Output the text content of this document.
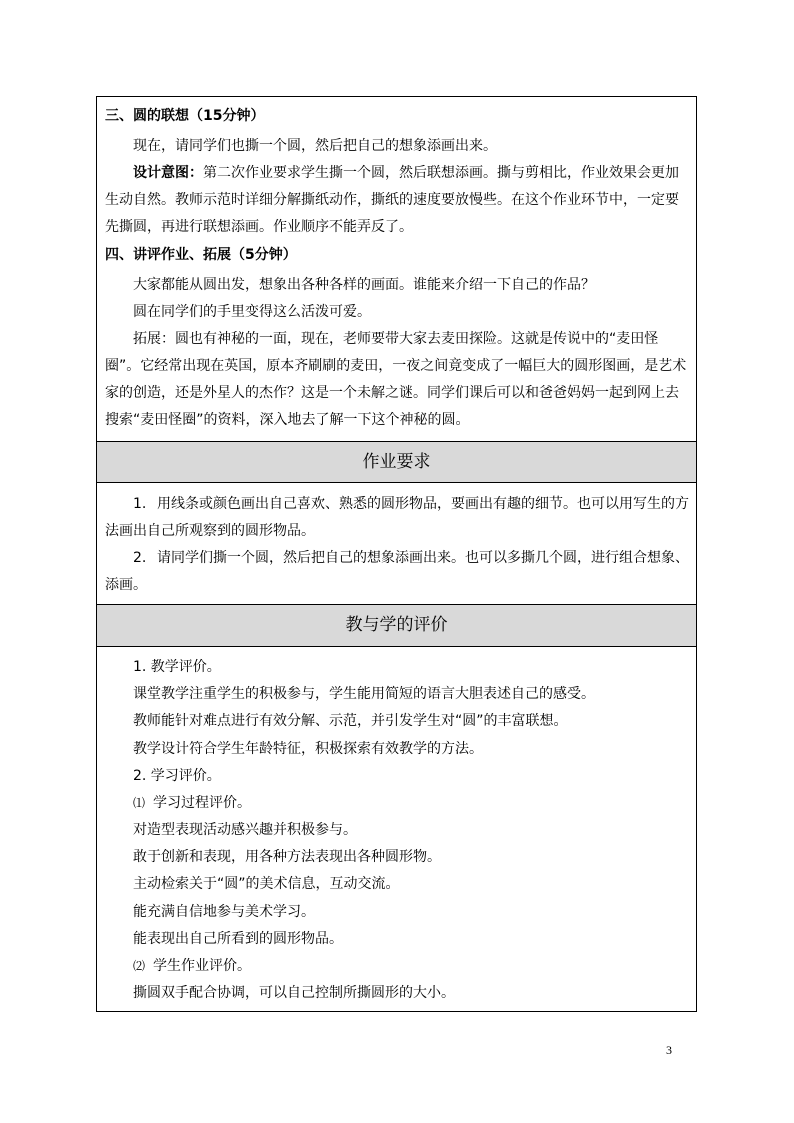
三、圆的联想（15分钟）
现在，请同学们也撕一个圆，然后把自己的想象添画出来。
设计意图：第二次作业要求学生撕一个圆，然后联想添画。撕与剪相比，作业效果会更加
生动自然。教师示范时详细分解撕纸动作，撕纸的速度要放慢些。在这个作业环节中，一定要
先撕圆，再进行联想添画。作业顺序不能弄反了。
四、讲评作业、拓展（5分钟）
大家都能从圆出发，想象出各种各样的画面。谁能来介绍一下自己的作品？
圆在同学们的手里变得这么活泼可爱。
拓展：圆也有神秘的一面，现在，老师要带大家去麦田探险。这就是传说中的“麦田怪
圈”。它经常出现在英国，原本齐刷刷的麦田，一夜之间竟变成了一幅巨大的圆形图画，是艺术
家的创造，还是外星人的杰作？这是一个未解之谜。同学们课后可以和爸爸妈妈一起到网上去
搜索“麦田怪圈”的资料，深入地去了解一下这个神秘的圆。
作业要求
1. 用线条或颜色画出自己喜欢、熟悉的圆形物品，要画出有趣的细节。也可以用写生的方
法画出自己所观察到的圆形物品。
2. 请同学们撕一个圆，然后把自己的想象添画出来。也可以多撕几个圆，进行组合想象、
添画。
教与学的评价
1. 教学评价。
课堂教学注重学生的积极参与，学生能用简短的语言大胆表述自己的感受。
教师能针对难点进行有效分解、示范，并引发学生对“圆”的丰富联想。
教学设计符合学生年龄特征，积极探索有效教学的方法。
2. 学习评价。
⑴ 学习过程评价。
对造型表现活动感兴趣并积极参与。
敢于创新和表现，用各种方法表现出各种圆形物。
主动检索关于“圆”的美术信息，互动交流。
能充满自信地参与美术学习。
能表现出自己所看到的圆形物品。
⑵ 学生作业评价。
撕圆双手配合协调，可以自己控制所撕圆形的大小。
3
